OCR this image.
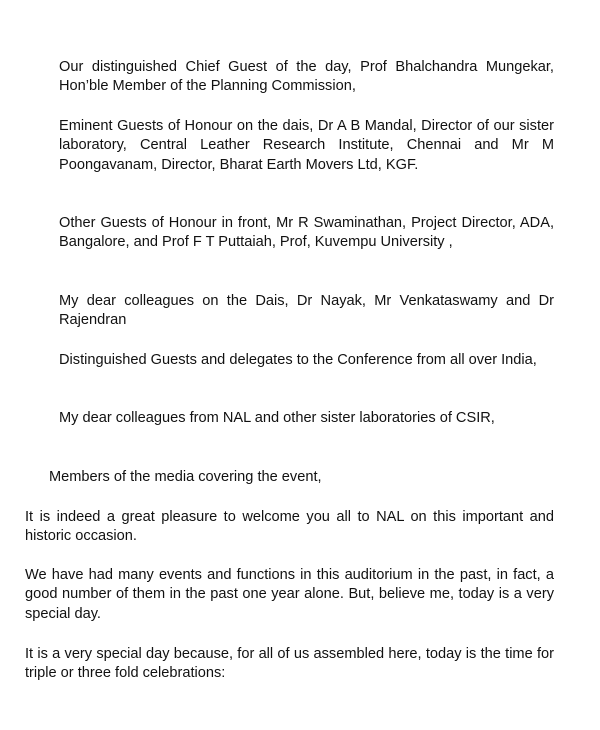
Our distinguished Chief Guest of the day, Prof Bhalchandra Mungekar, Hon’ble Member of the Planning Commission,

Eminent Guests of Honour on the dais, Dr A B Mandal, Director of our sister laboratory, Central Leather Research Institute, Chennai and Mr M Poongavanam, Director, Bharat Earth Movers Ltd, KGF.

Other Guests of Honour in front, Mr R Swaminathan, Project Director, ADA, Bangalore, and Prof F T Puttaiah, Prof, Kuvempu University ,

My dear colleagues on the Dais, Dr Nayak, Mr Venkataswamy and Dr Rajendran

Distinguished Guests and delegates to the Conference from all over India,

My dear colleagues from NAL and other sister laboratories of CSIR,

Members of the media covering the event,

It is indeed a great pleasure to welcome you all to NAL on this important and historic occasion.

We have had many events and functions in this auditorium in the past, in fact, a good number of them in the past one year alone. But, believe me, today is a very special day.

It is a very special day because, for all of us assembled here, today is the time for triple or three fold celebrations:
